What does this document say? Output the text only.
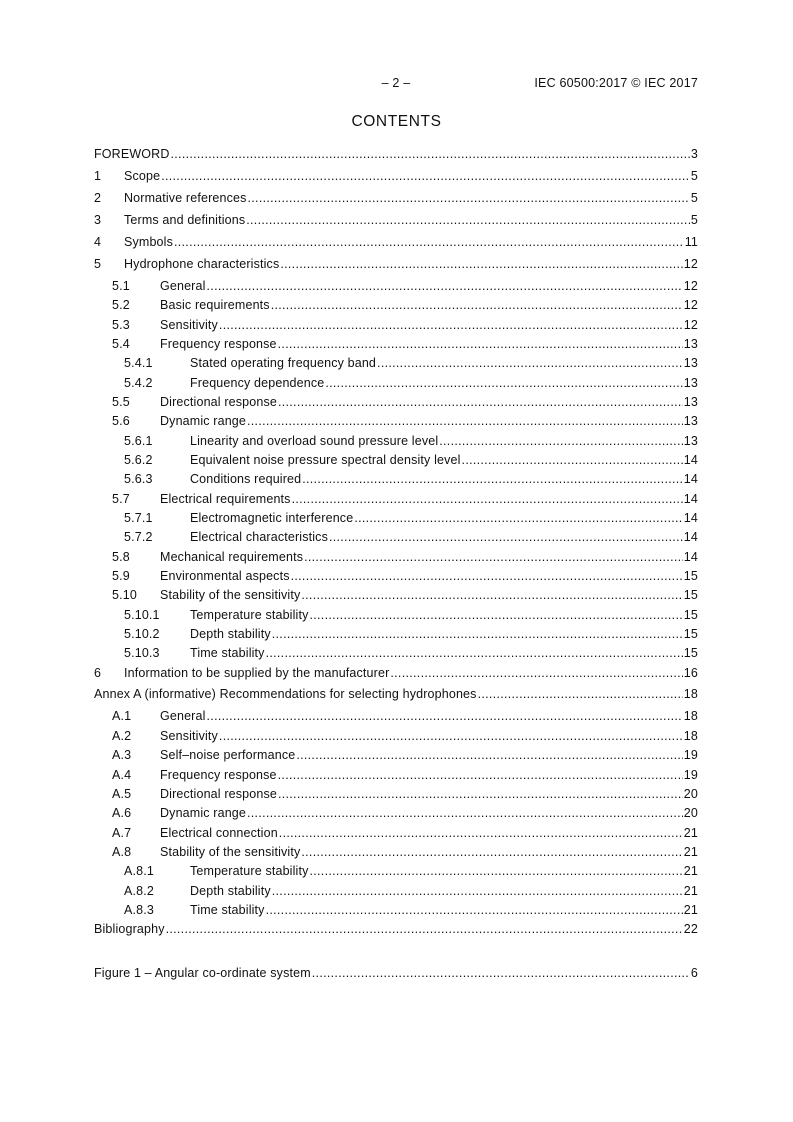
– 2 –	IEC 60500:2017 © IEC 2017
CONTENTS
FOREWORD .....	3
1	Scope .....	5
2	Normative references .....	5
3	Terms and definitions .....	5
4	Symbols .....	11
5	Hydrophone characteristics .....	12
5.1	General .....	12
5.2	Basic requirements .....	12
5.3	Sensitivity .....	12
5.4	Frequency response .....	13
5.4.1	Stated operating frequency band .....	13
5.4.2	Frequency dependence .....	13
5.5	Directional response .....	13
5.6	Dynamic range .....	13
5.6.1	Linearity and overload sound pressure level .....	13
5.6.2	Equivalent noise pressure spectral density level .....	14
5.6.3	Conditions required .....	14
5.7	Electrical requirements .....	14
5.7.1	Electromagnetic interference .....	14
5.7.2	Electrical characteristics .....	14
5.8	Mechanical requirements .....	14
5.9	Environmental aspects .....	15
5.10	Stability of the sensitivity .....	15
5.10.1	Temperature stability .....	15
5.10.2	Depth stability .....	15
5.10.3	Time stability .....	15
6	Information to be supplied by the manufacturer .....	16
Annex A (informative) Recommendations for selecting hydrophones .....	18
A.1	General .....	18
A.2	Sensitivity .....	18
A.3	Self–noise performance .....	19
A.4	Frequency response .....	19
A.5	Directional response .....	20
A.6	Dynamic range .....	20
A.7	Electrical connection .....	21
A.8	Stability of the sensitivity .....	21
A.8.1	Temperature stability .....	21
A.8.2	Depth stability .....	21
A.8.3	Time stability .....	21
Bibliography .....	22
Figure 1 – Angular co-ordinate system .....	6
